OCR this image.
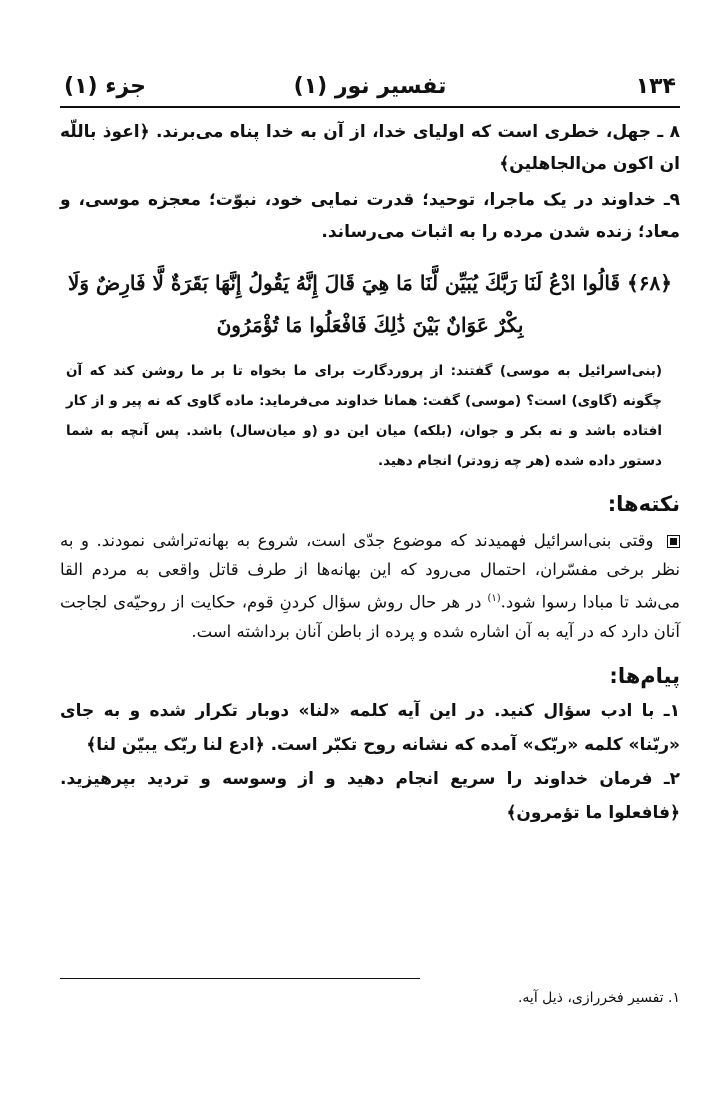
۱۳۴
تفسیر نور (۱)
جزء (۱)
۸ ـ جهل، خطری است که اولیای خدا، از آن به خدا پناه می‌برند. ﴿اعوذ باللّه ان اکون من‌الجاهلین﴾
۹ـ خداوند در یک ماجرا، توحید؛ قدرت نمایی خود، نبوّت؛ معجزه موسی، و معاد؛ زنده شدن مرده را به اثبات می‌رساند.
﴿۶۸﴾ قَالُوا ادْعُ لَنَا رَبَّكَ يُبَيِّن لَّنَا مَا هِيَ قَالَ إِنَّهُ يَقُولُ إِنَّهَا بَقَرَةٌ لَّا فَارِضٌ وَلَا بِكْرٌ عَوَانٌ بَيْنَ ذَٰلِكَ فَافْعَلُوا مَا تُؤْمَرُونَ
(بنی‌اسرائیل به موسی) گفتند: از پروردگارت برای ما بخواه تا بر ما روشن کند که آن چگونه (گاوی) است؟ (موسی) گفت: همانا خداوند می‌فرماید: ماده گاوی که نه پیر و از کار افتاده باشد و نه بکر و جوان، (بلکه) میان این دو (و میان‌سال) باشد. پس آنچه به شما دستور داده شده (هر چه زودتر) انجام دهید.
نکته‌ها:
وقتی بنی‌اسرائیل فهمیدند که موضوع جدّی است، شروع به بهانه‌تراشی نمودند. و به نظر برخی مفسّران، احتمال می‌رود که این بهانه‌ها از طرف قاتل واقعی به مردم القا می‌شد تا مبادا رسوا شود.$^{(۱)}$ در هر حال روش سؤال کردنِ قوم، حکایت از روحیّه‌ی لجاجت آنان دارد که در آیه به آن اشاره شده و پرده از باطن آنان برداشته است.
پیام‌ها:
۱ـ با ادب سؤال کنید. در این آیه کلمه «لنا» دوبار تکرار شده و به جای «ربّنا» کلمه «ربّک» آمده که نشانه روح تکبّر است. ﴿ادع لنا ربّک یبیّن لنا﴾
۲ـ فرمان خداوند را سریع انجام دهید و از وسوسه و تردید بپرهیزید. ﴿فافعلوا ما تؤمرون﴾
۱. تفسیر فخررازی، ذیل آیه.
